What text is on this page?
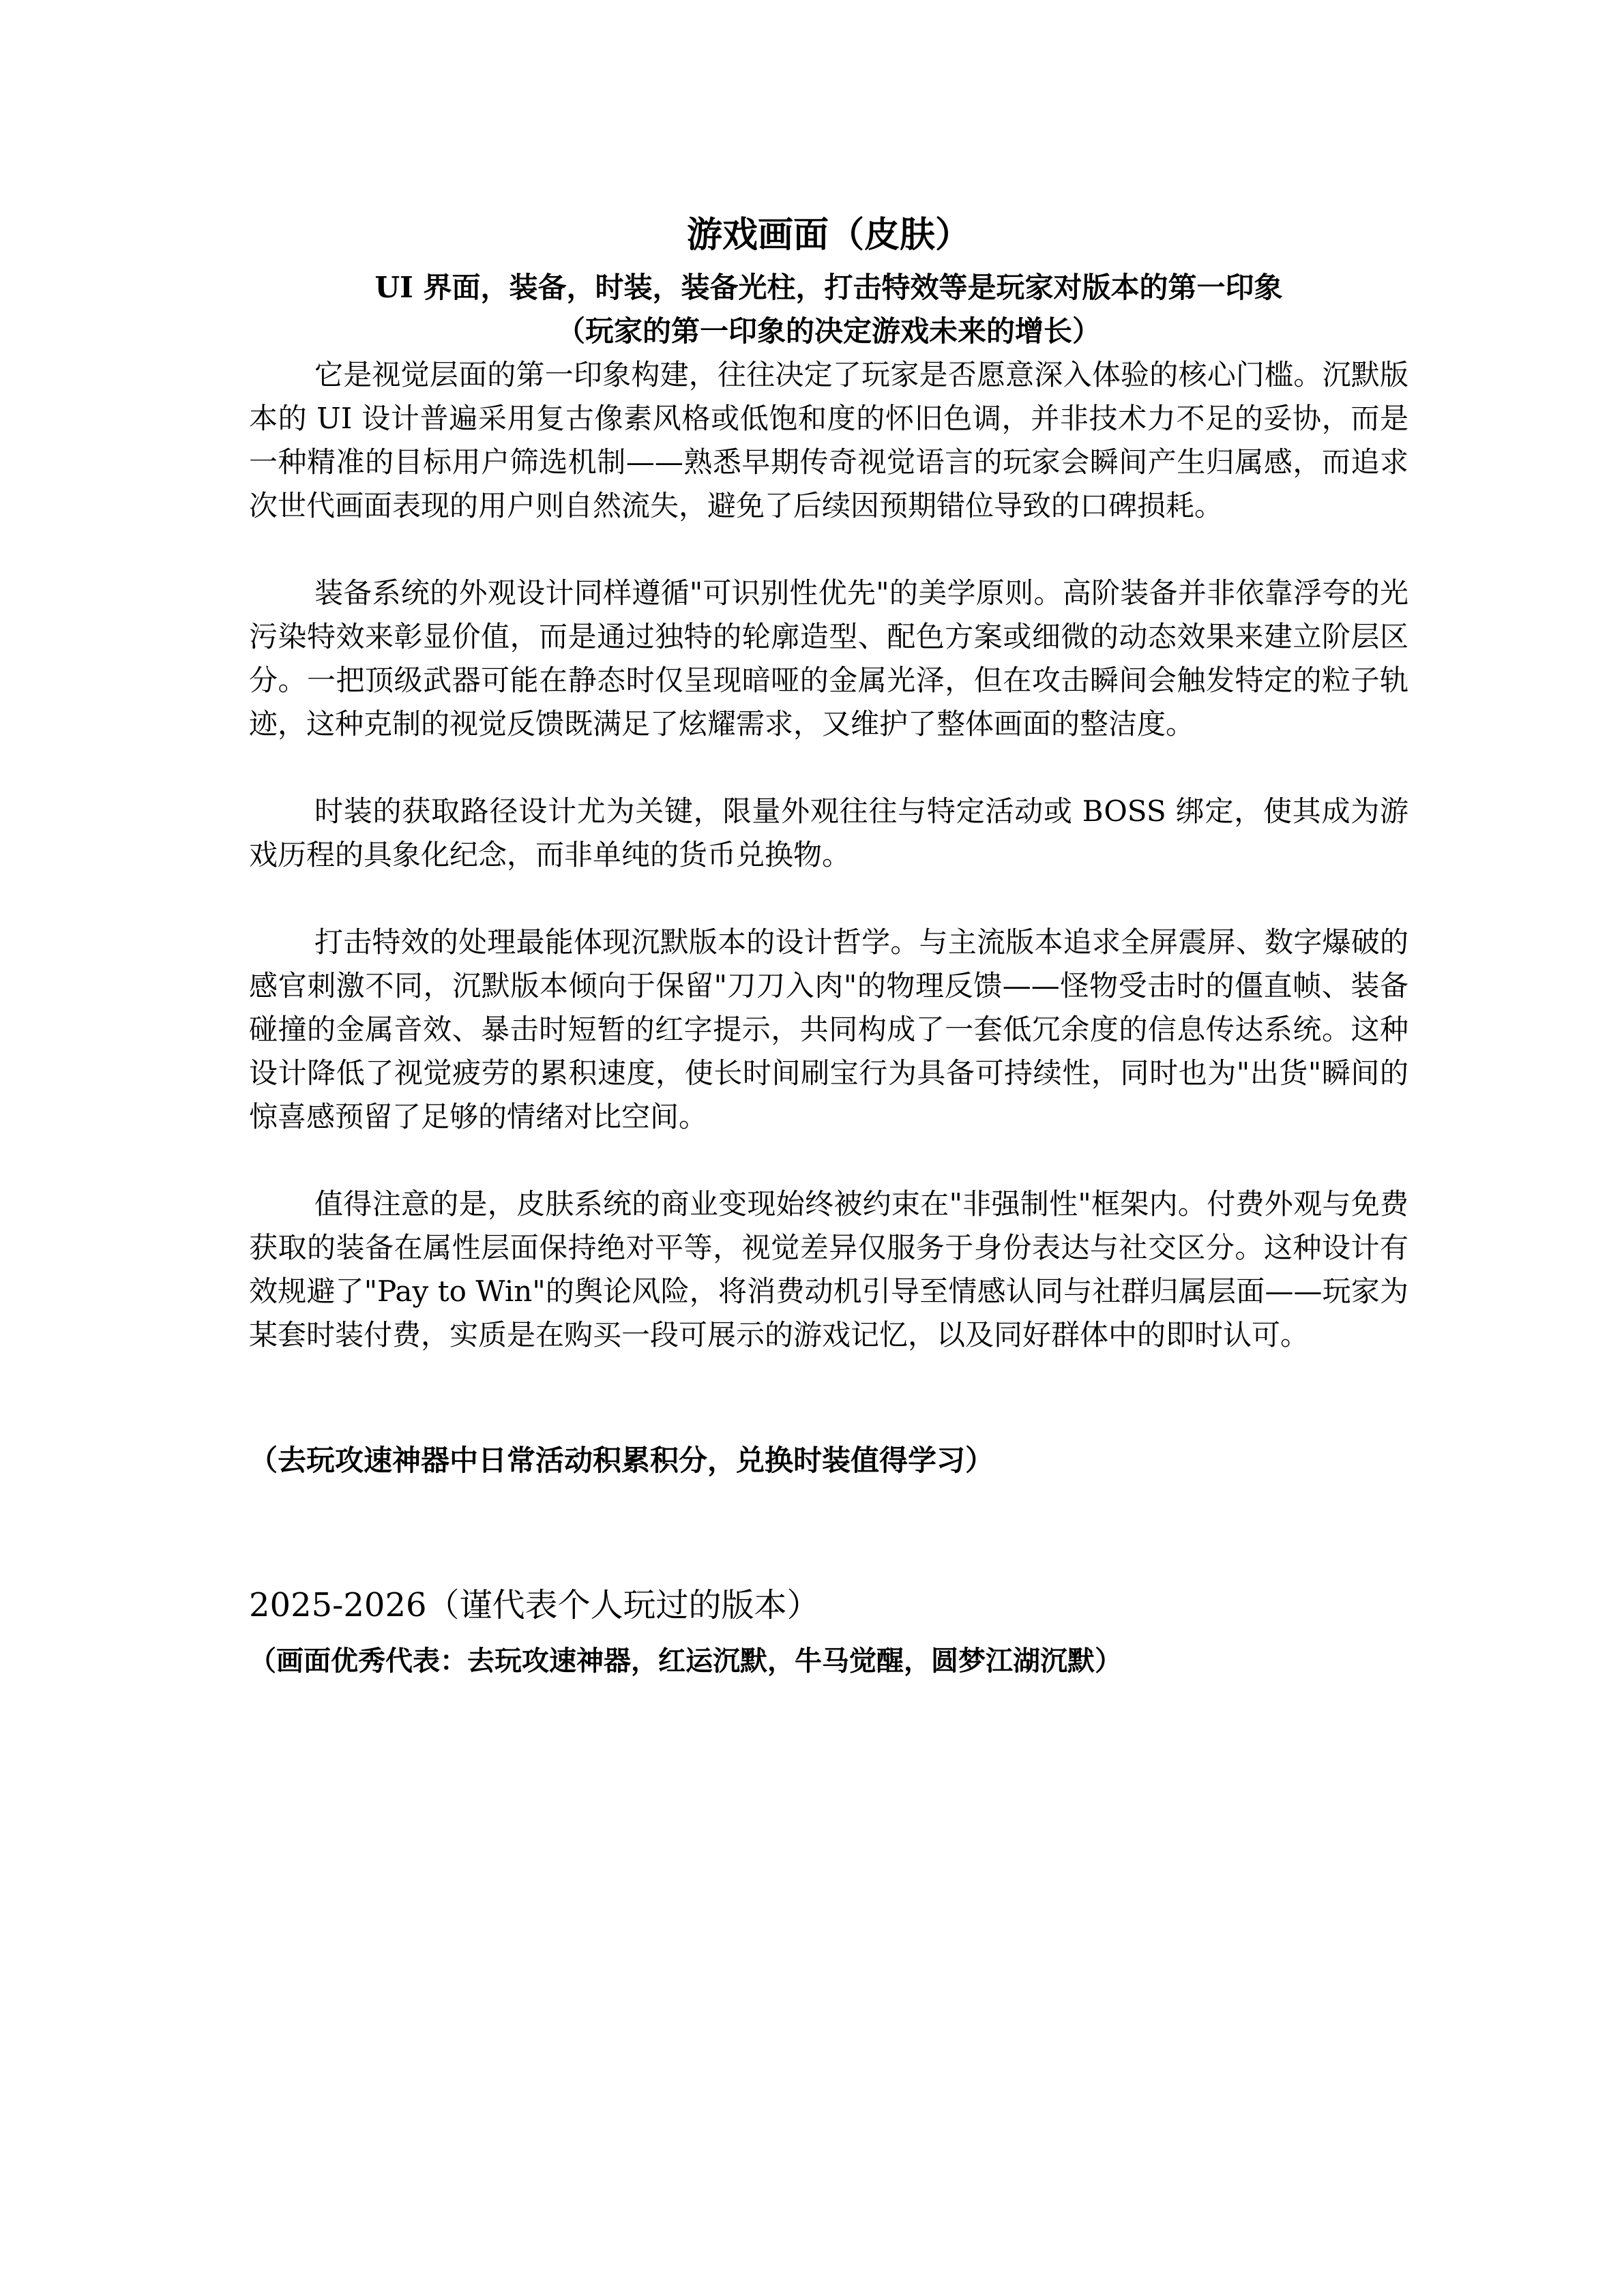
游戏画面（皮肤）

UI 界面，装备，时装，装备光柱，打击特效等是玩家对版本的第一印象

（玩家的第一印象的决定游戏未来的增长）

它是视觉层面的第一印象构建，往往决定了玩家是否愿意深入体验的核心门槛。沉默版本的 UI 设计普遍采用复古像素风格或低饱和度的怀旧色调，并非技术力不足的妥协，而是一种精准的目标用户筛选机制——熟悉早期传奇视觉语言的玩家会瞬间产生归属感，而追求次世代画面表现的用户则自然流失，避免了后续因预期错位导致的口碑损耗。

装备系统的外观设计同样遵循"可识别性优先"的美学原则。高阶装备并非依靠浮夸的光污染特效来彰显价值，而是通过独特的轮廓造型、配色方案或细微的动态效果来建立阶层区分。一把顶级武器可能在静态时仅呈现暗哑的金属光泽，但在攻击瞬间会触发特定的粒子轨迹，这种克制的视觉反馈既满足了炫耀需求，又维护了整体画面的整洁度。

时装的获取路径设计尤为关键，限量外观往往与特定活动或 BOSS 绑定，使其成为游戏历程的具象化纪念，而非单纯的货币兑换物。

打击特效的处理最能体现沉默版本的设计哲学。与主流版本追求全屏震屏、数字爆破的感官刺激不同，沉默版本倾向于保留"刀刀入肉"的物理反馈——怪物受击时的僵直帧、装备碰撞的金属音效、暴击时短暂的红字提示，共同构成了一套低冗余度的信息传达系统。这种设计降低了视觉疲劳的累积速度，使长时间刷宝行为具备可持续性，同时也为"出货"瞬间的惊喜感预留了足够的情绪对比空间。

值得注意的是，皮肤系统的商业变现始终被约束在"非强制性"框架内。付费外观与免费获取的装备在属性层面保持绝对平等，视觉差异仅服务于身份表达与社交区分。这种设计有效规避了"Pay to Win"的舆论风险，将消费动机引导至情感认同与社群归属层面——玩家为某套时装付费，实质是在购买一段可展示的游戏记忆，以及同好群体中的即时认可。

（去玩攻速神器中日常活动积累积分，兑换时装值得学习）

2025-2026（谨代表个人玩过的版本）

（画面优秀代表：去玩攻速神器，红运沉默，牛马觉醒，圆梦江湖沉默）
